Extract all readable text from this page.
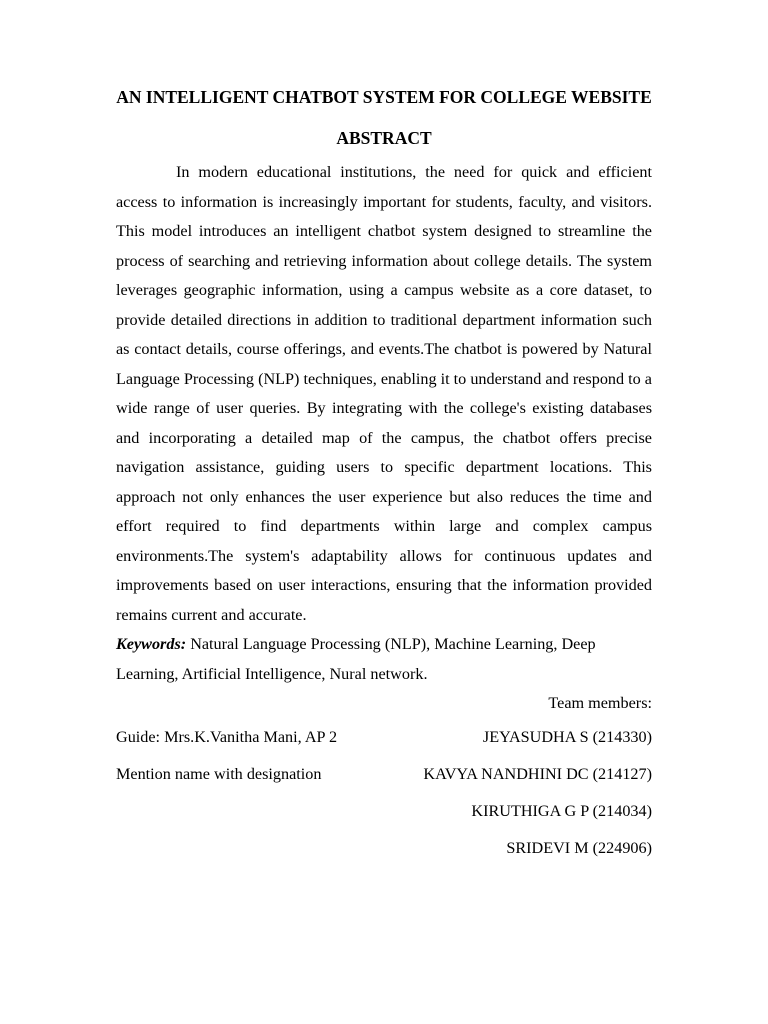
AN INTELLIGENT CHATBOT SYSTEM FOR COLLEGE WEBSITE
ABSTRACT

In modern educational institutions, the need for quick and efficient access to information is increasingly important for students, faculty, and visitors. This model introduces an intelligent chatbot system designed to streamline the process of searching and retrieving information about college details. The system leverages geographic information, using a campus website as a core dataset, to provide detailed directions in addition to traditional department information such as contact details, course offerings, and events.The chatbot is powered by Natural Language Processing (NLP) techniques, enabling it to understand and respond to a wide range of user queries. By integrating with the college's existing databases and incorporating a detailed map of the campus, the chatbot offers precise navigation assistance, guiding users to specific department locations. This approach not only enhances the user experience but also reduces the time and effort required to find departments within large and complex campus environments.The system's adaptability allows for continuous updates and improvements based on user interactions, ensuring that the information provided remains current and accurate.

Keywords: Natural Language Processing (NLP), Machine Learning, Deep Learning, Artificial Intelligence, Nural network.

Team members:

Guide: Mrs.K.Vanitha Mani, AP 2	JEYASUDHA S (214330)
Mention name with designation	KAVYA NANDHINI DC (214127)
KIRUTHIGA G P (214034)
SRIDEVI M (224906)
